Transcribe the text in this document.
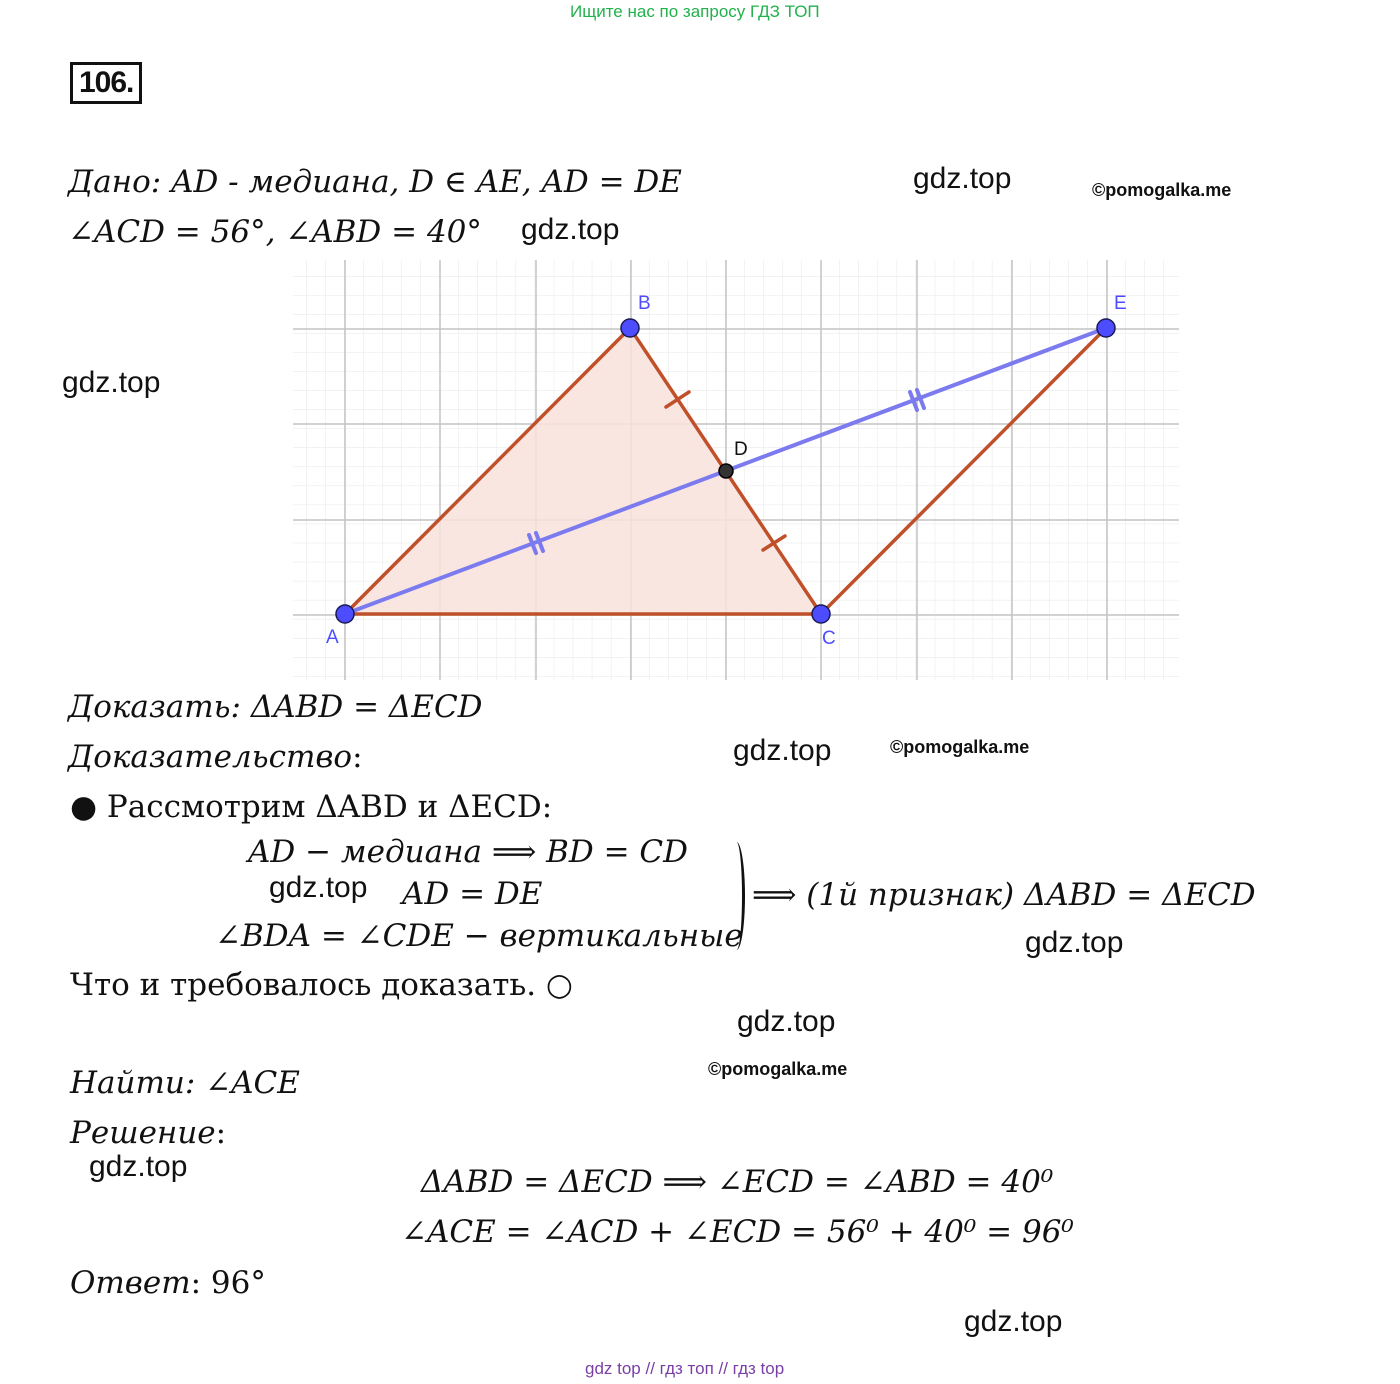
Ищите нас по запросу ГДЗ ТОП
106.
Дано: AD - медиана, D ∈ AE, AD = DE
∠ACD = 56°, ∠ABD = 40°
gdz.top	©pomogalka.me
gdz.top
gdz.top
A
B
C
E
D
Доказать: ΔABD = ΔECD
Доказательство:	gdz.top	©pomogalka.me
● Рассмотрим ΔABD и ΔECD:
AD − медиана ⟹ BD = CD
gdz.top AD = DE
∠BDA = ∠CDE − вертикальные
⟹ (1й признак) ΔABD = ΔECD
gdz.top
Что и требовалось доказать. ○
gdz.top
©pomogalka.me
Найти: ∠ACE
Решение:
gdz.top	ΔABD = ΔECD ⟹ ∠ECD = ∠ABD = 40⁰
∠ACE = ∠ACD + ∠ECD = 56⁰ + 40⁰ = 96⁰
Ответ: 96°
gdz.top
gdz top // гдз топ // гдз top
